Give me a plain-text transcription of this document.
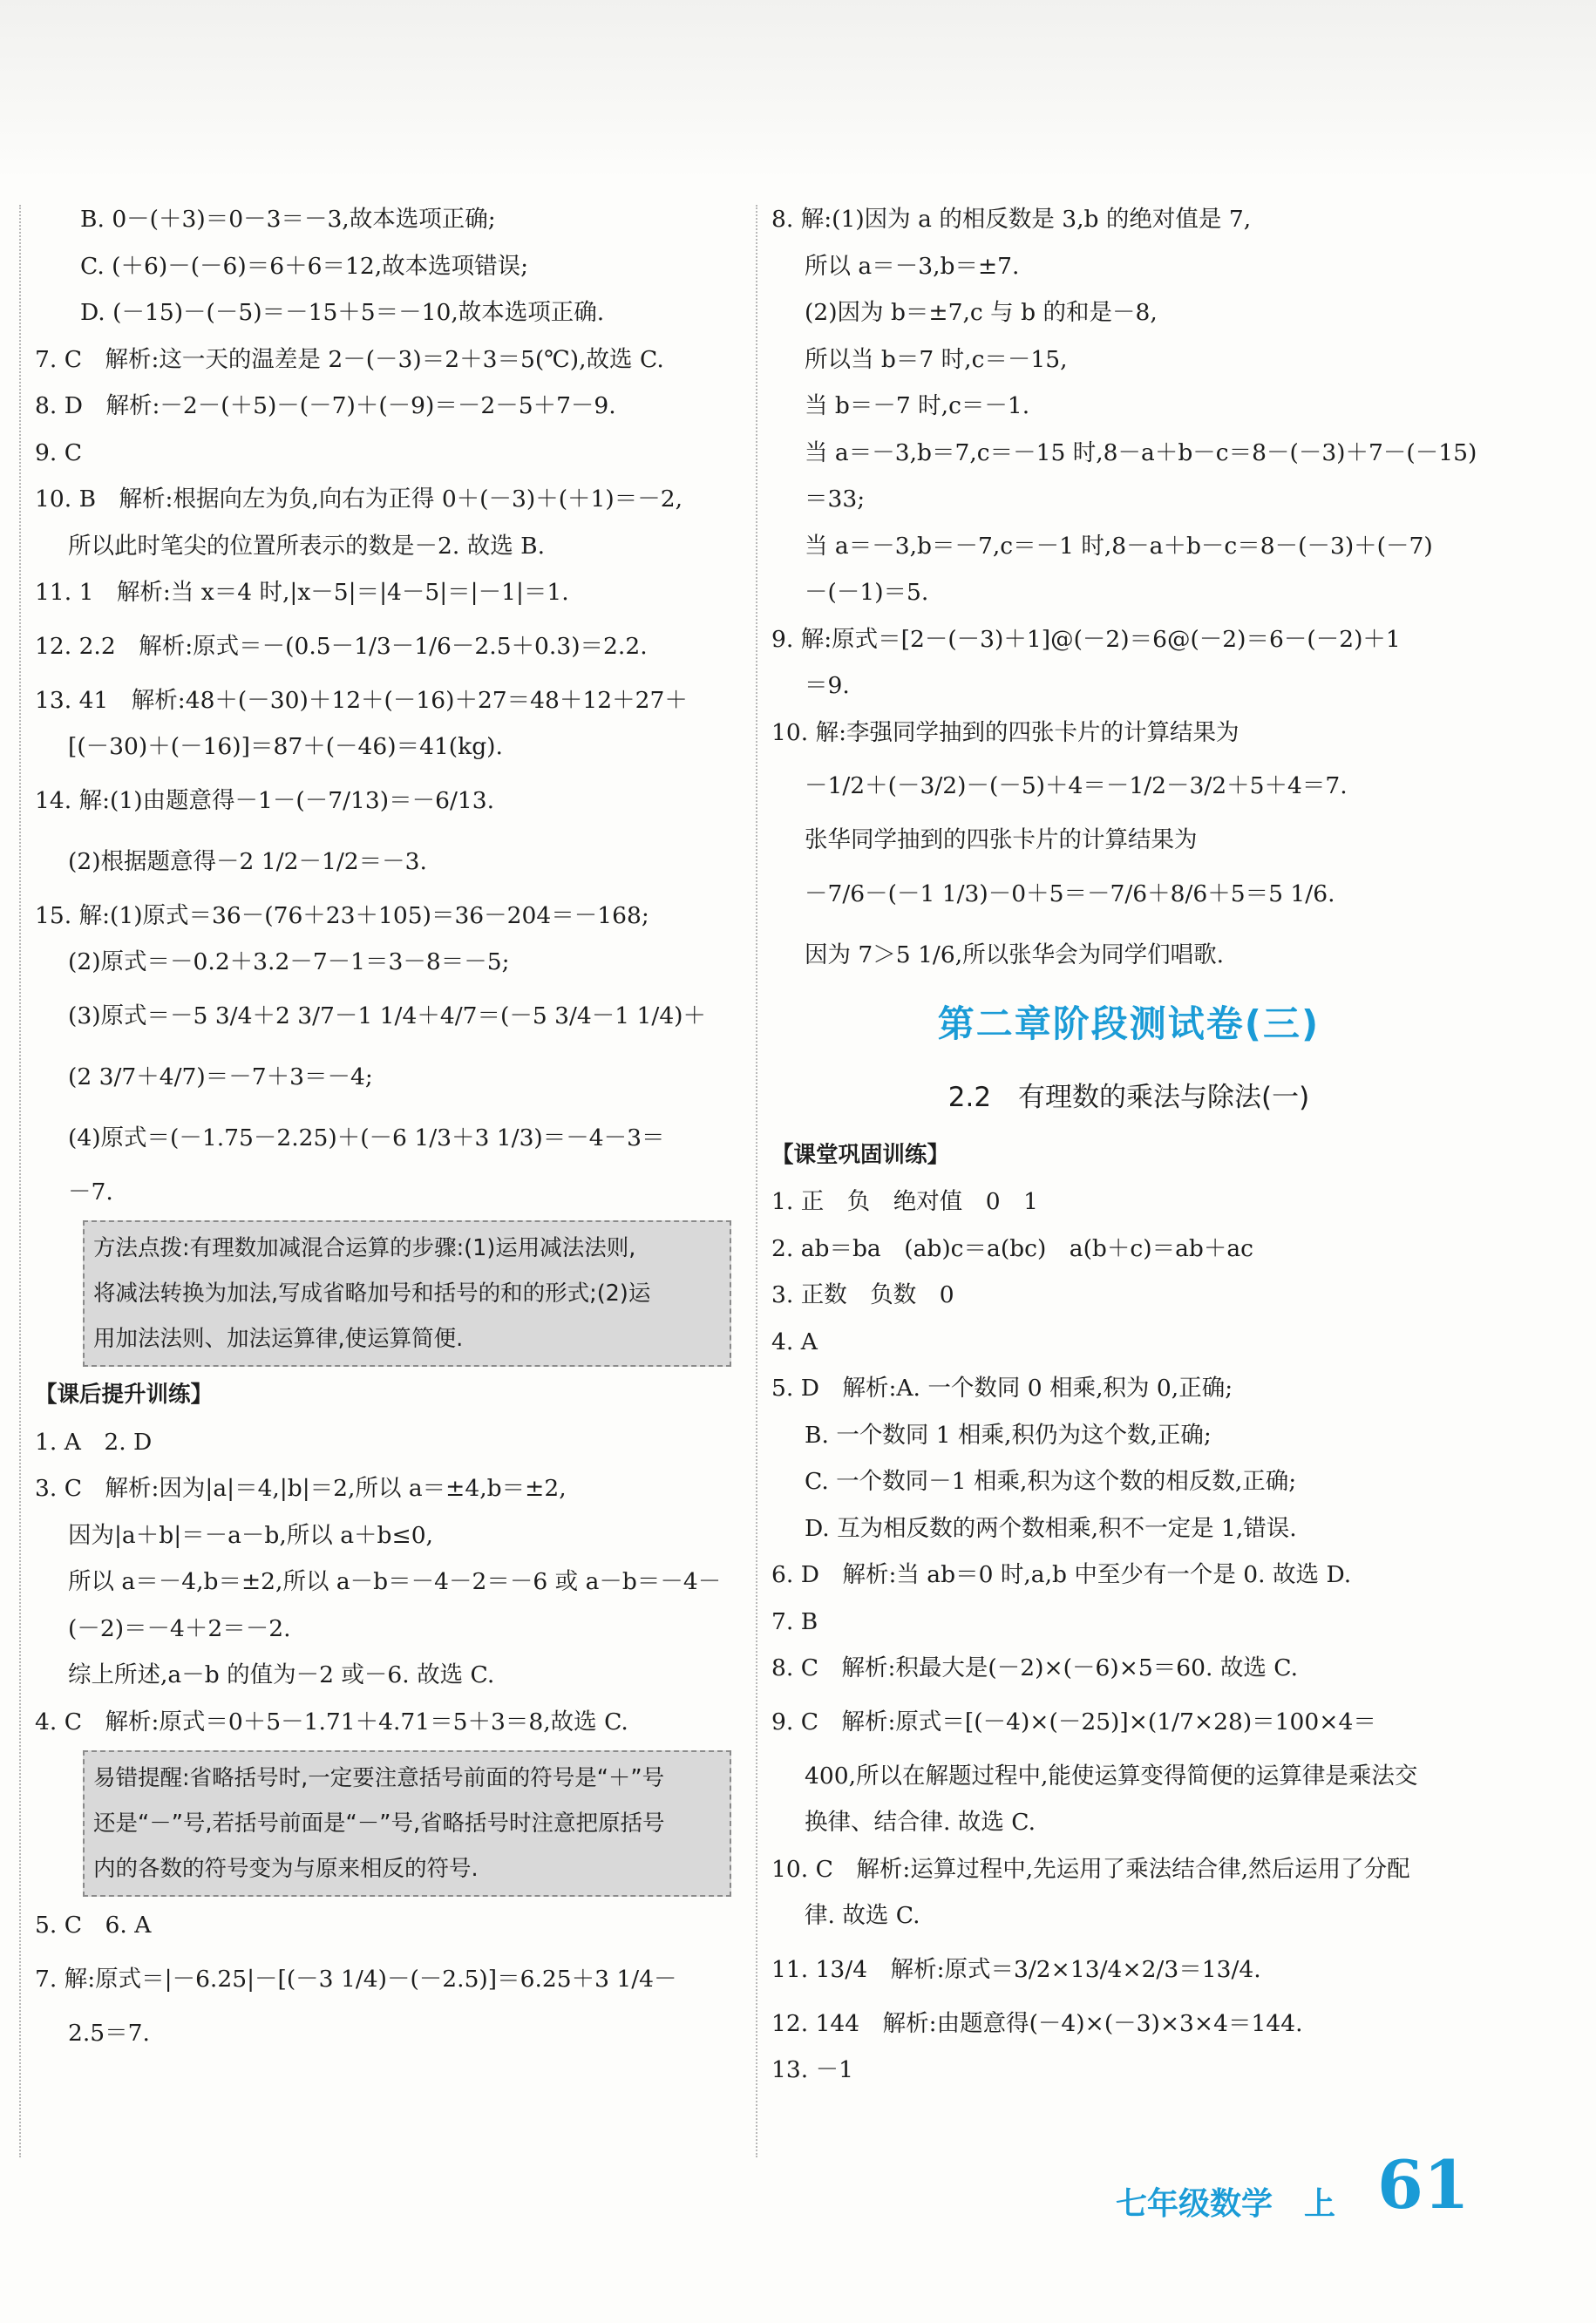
B. 0－(＋3)＝0－3＝－3,故本选项正确;
C. (＋6)－(－6)＝6＋6＝12,故本选项错误;
D. (－15)－(－5)＝－15＋5＝－10,故本选项正确.
7. C　解析:这一天的温差是 2－(－3)＝2＋3＝5(℃),故选 C.
8. D　解析:－2－(＋5)－(－7)＋(－9)＝－2－5＋7－9.
9. C
10. B　解析:根据向左为负,向右为正得 0＋(－3)＋(＋1)＝－2,
所以此时笔尖的位置所表示的数是－2. 故选 B.
11. 1　解析:当 x＝4 时,|x－5|＝|4－5|＝|－1|＝1.
12. 2.2　解析:原式＝－(0.5－1/3－1/6－2.5＋0.3)＝2.2.
13. 41　解析:48＋(－30)＋12＋(－16)＋27＝48＋12＋27＋
[(－30)＋(－16)]＝87＋(－46)＝41(kg).
14. 解:(1)由题意得－1－(－7/13)＝－6/13.
(2)根据题意得－2 1/2－1/2＝－3.
15. 解:(1)原式＝36－(76＋23＋105)＝36－204＝－168;
(2)原式＝－0.2＋3.2－7－1＝3－8＝－5;
(3)原式＝－5 3/4＋2 3/7－1 1/4＋4/7＝(－5 3/4－1 1/4)＋
(2 3/7＋4/7)＝－7＋3＝－4;
(4)原式＝(－1.75－2.25)＋(－6 1/3＋3 1/3)＝－4－3＝
－7.
方法点拨:有理数加减混合运算的步骤:(1)运用减法法则,
将减法转换为加法,写成省略加号和括号的和的形式;(2)运
用加法法则、加法运算律,使运算简便.
【课后提升训练】
1. A　2. D
3. C　解析:因为|a|＝4,|b|＝2,所以 a＝±4,b＝±2,
因为|a＋b|＝－a－b,所以 a＋b≤0,
所以 a＝－4,b＝±2,所以 a－b＝－4－2＝－6 或 a－b＝－4－
(－2)＝－4＋2＝－2.
综上所述,a－b 的值为－2 或－6. 故选 C.
4. C　解析:原式＝0＋5－1.71＋4.71＝5＋3＝8,故选 C.
易错提醒:省略括号时,一定要注意括号前面的符号是“＋”号
还是“－”号,若括号前面是“－”号,省略括号时注意把原括号
内的各数的符号变为与原来相反的符号.
5. C　6. A
7. 解:原式＝|－6.25|－[(－3 1/4)－(－2.5)]＝6.25＋3 1/4－
2.5＝7.
8. 解:(1)因为 a 的相反数是 3,b 的绝对值是 7,
所以 a＝－3,b＝±7.
(2)因为 b＝±7,c 与 b 的和是－8,
所以当 b＝7 时,c＝－15,
当 b＝－7 时,c＝－1.
当 a＝－3,b＝7,c＝－15 时,8－a＋b－c＝8－(－3)＋7－(－15)
＝33;
当 a＝－3,b＝－7,c＝－1 时,8－a＋b－c＝8－(－3)＋(－7)
－(－1)＝5.
9. 解:原式＝[2－(－3)＋1]@(－2)＝6@(－2)＝6－(－2)＋1
＝9.
10. 解:李强同学抽到的四张卡片的计算结果为
－1/2＋(－3/2)－(－5)＋4＝－1/2－3/2＋5＋4＝7.
张华同学抽到的四张卡片的计算结果为
－7/6－(－1 1/3)－0＋5＝－7/6＋8/6＋5＝5 1/6.
因为 7＞5 1/6,所以张华会为同学们唱歌.
第二章阶段测试卷(三)
2.2　有理数的乘法与除法(一)
【课堂巩固训练】
1. 正　负　绝对值　0　1
2. ab＝ba　(ab)c＝a(bc)　a(b＋c)＝ab＋ac
3. 正数　负数　0
4. A
5. D　解析:A. 一个数同 0 相乘,积为 0,正确;
B. 一个数同 1 相乘,积仍为这个数,正确;
C. 一个数同－1 相乘,积为这个数的相反数,正确;
D. 互为相反数的两个数相乘,积不一定是 1,错误.
6. D　解析:当 ab＝0 时,a,b 中至少有一个是 0. 故选 D.
7. B
8. C　解析:积最大是(－2)×(－6)×5＝60. 故选 C.
9. C　解析:原式＝[(－4)×(－25)]×(1/7×28)＝100×4＝
400,所以在解题过程中,能使运算变得简便的运算律是乘法交
换律、结合律. 故选 C.
10. C　解析:运算过程中,先运用了乘法结合律,然后运用了分配
律. 故选 C.
11. 13/4　解析:原式＝3/2×13/4×2/3＝13/4.
12. 144　解析:由题意得(－4)×(－3)×3×4＝144.
13. －1
七年级数学　上 61
